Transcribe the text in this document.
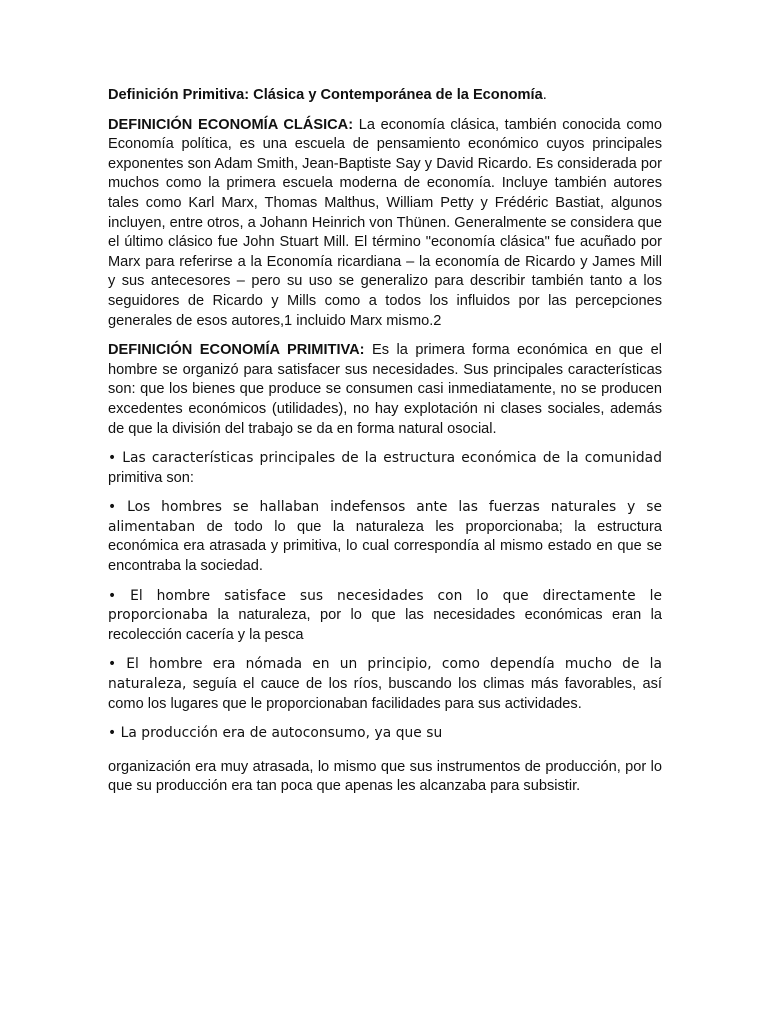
Definición Primitiva: Clásica y Contemporánea de la Economía.

DEFINICIÓN ECONOMÍA CLÁSICA: La economía clásica, también conocida como Economía política, es una escuela de pensamiento económico cuyos principales exponentes son Adam Smith, Jean-Baptiste Say y David Ricardo. Es considerada por muchos como la primera escuela moderna de economía. Incluye también autores tales como Karl Marx, Thomas Malthus, William Petty y Frédéric Bastiat, algunos incluyen, entre otros, a Johann Heinrich von Thünen. Generalmente se considera que el último clásico fue John Stuart Mill. El término "economía clásica" fue acuñado por Marx para referirse a la Economía ricardiana – la economía de Ricardo y James Mill y sus antecesores – pero su uso se generalizo para describir también tanto a los seguidores de Ricardo y Mills como a todos los influidos por las percepciones generales de esos autores,1 incluido Marx mismo.2

DEFINICIÓN ECONOMÍA PRIMITIVA: Es la primera forma económica en que el hombre se organizó para satisfacer sus necesidades. Sus principales características son: que los bienes que produce se consumen casi inmediatamente, no se producen excedentes económicos (utilidades), no hay explotación ni clases sociales, además de que la división del trabajo se da en forma natural osocial.

• Las características principales de la estructura económica de la comunidad primitiva son:

• Los hombres se hallaban indefensos ante las fuerzas naturales y se alimentaban de todo lo que la naturaleza les proporcionaba; la estructura económica era atrasada y primitiva, lo cual correspondía al mismo estado en que se encontraba la sociedad.

• El hombre satisface sus necesidades con lo que directamente le proporcionaba la naturaleza, por lo que las necesidades económicas eran la recolección cacería y la pesca

• El hombre era nómada en un principio, como dependía mucho de la naturaleza, seguía el cauce de los ríos, buscando los climas más favorables, así como los lugares que le proporcionaban facilidades para sus actividades.

• La producción era de autoconsumo, ya que su

organización era muy atrasada, lo mismo que sus instrumentos de producción, por lo que su producción era tan poca que apenas les alcanzaba para subsistir.
